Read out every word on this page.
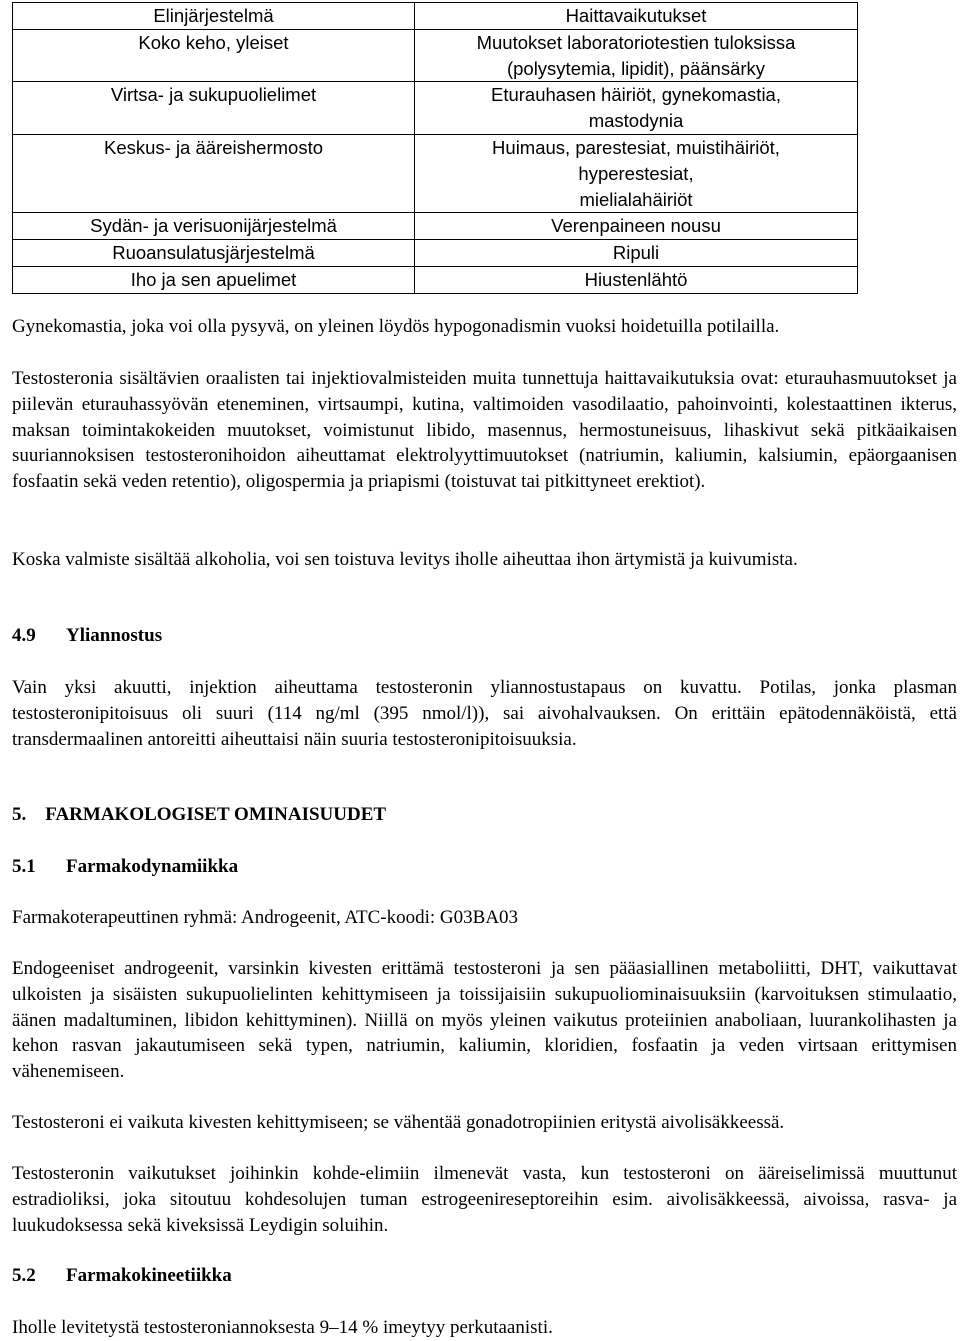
Elinjärjestelmä	Haittavaikutukset
Koko keho, yleiset	Muutokset laboratoriotestien tuloksissa
(polysytemia, lipidit), päänsärky

Virtsa- ja sukupuolielimet	Eturauhasen häiriöt, gynekomastia,
mastodynia

Keskus- ja ääreishermosto	Huimaus, parestesiat, muistihäiriöt,
hyperestesiat,
mielialahäiriöt

Sydän- ja verisuonijärjestelmä	Verenpaineen nousu

Ruoansulatusjärjestelmä	Ripuli

Iho ja sen apuelimet	Hiustenlähtö

Gynekomastia, joka voi olla pysyvä, on yleinen löydös hypogonadismin vuoksi hoidetuilla potilailla.

Testosteronia sisältävien oraalisten tai injektiovalmisteiden muita tunnettuja haittavaikutuksia ovat: eturauhasmuutokset ja piilevän eturauhassyövän eteneminen, virtsaumpi, kutina, valtimoiden vasodilaatio, pahoinvointi, kolestaattinen ikterus, maksan toimintakokeiden muutokset, voimistunut libido, masennus, hermostuneisuus, lihaskivut sekä pitkäaikaisen suuriannoksisen testosteronihoidon aiheuttamat elektrolyyttimuutokset (natriumin, kaliumin, kalsiumin, epäorgaanisen fosfaatin sekä veden retentio), oligospermia ja priapismi (toistuvat tai pitkittyneet erektiot).

Koska valmiste sisältää alkoholia, voi sen toistuva levitys iholle aiheuttaa ihon ärtymistä ja kuivumista.

4.9 Yliannostus

Vain yksi akuutti, injektion aiheuttama testosteronin yliannostustapaus on kuvattu. Potilas, jonka plasman testosteronipitoisuus oli suuri (114 ng/ml (395 nmol/l)), sai aivohalvauksen. On erittäin epätodennäköistä, että transdermaalinen antoreitti aiheuttaisi näin suuria testosteronipitoisuuksia.

5.    FARMAKOLOGISET OMINAISUUDET
5.1 Farmakodynamiikka

Farmakoterapeuttinen ryhmä: Androgeenit, ATC-koodi: G03BA03

Endogeeniset androgeenit, varsinkin kivesten erittämä testosteroni ja sen pääasiallinen metaboliitti, DHT, vaikuttavat ulkoisten ja sisäisten sukupuolielinten kehittymiseen ja toissijaisiin sukupuoliominaisuuksiin (karvoituksen stimulaatio, äänen madaltuminen, libidon kehittyminen). Niillä on myös yleinen vaikutus proteiinien anaboliaan, luurankolihasten ja kehon rasvan jakautumiseen sekä typen, natriumin, kaliumin, kloridien, fosfaatin ja veden virtsaan erittymisen vähenemiseen.

Testosteroni ei vaikuta kivesten kehittymiseen; se vähentää gonadotropiinien eritystä aivolisäkkeessä.

Testosteronin vaikutukset joihinkin kohde-elimiin ilmenevät vasta, kun testosteroni on ääreiselimissä muuttunut estradioliksi, joka sitoutuu kohdesolujen tuman estrogeenireseptoreihin esim. aivolisäkkeessä, aivoissa, rasva- ja luukudoksessa sekä kiveksissä Leydigin soluihin.

5.2 Farmakokineetiikka

Iholle levitetystä testosteroniannoksesta 9–14 % imeytyy perkutaanisti.
